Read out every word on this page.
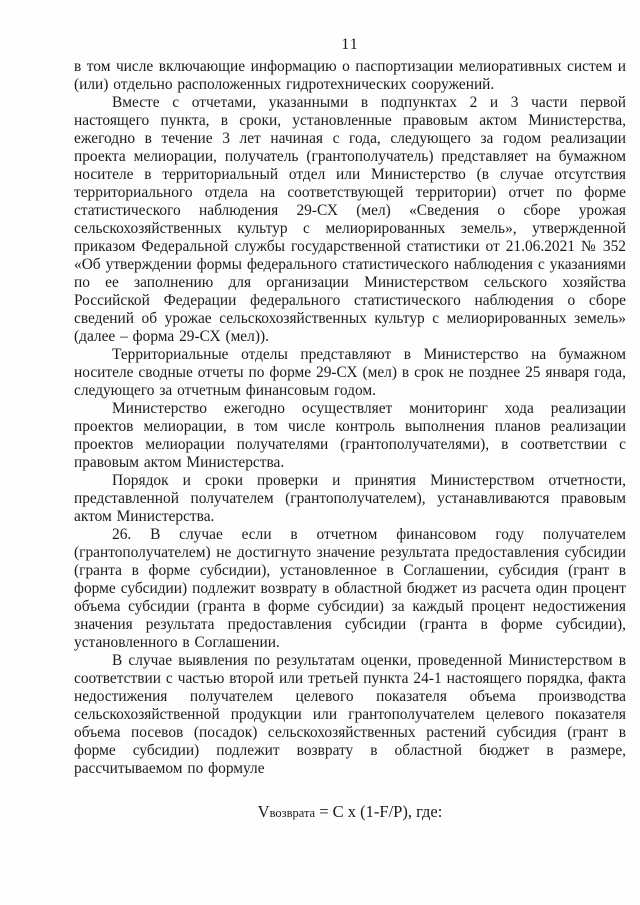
11

в том числе включающие информацию о паспортизации мелиоративных систем и (или) отдельно расположенных гидротехнических сооружений.

Вместе с отчетами, указанными в подпунктах 2 и 3 части первой настоящего пункта, в сроки, установленные правовым актом Министерства, ежегодно в течение 3 лет начиная с года, следующего за годом реализации проекта мелиорации, получатель (грантополучатель) представляет на бумажном носителе в территориальный отдел или Министерство (в случае отсутствия территориального отдела на соответствующей территории) отчет по форме статистического наблюдения 29-СХ (мел) «Сведения о сборе урожая сельскохозяйственных культур с мелиорированных земель», утвержденной приказом Федеральной службы государственной статистики от 21.06.2021 № 352 «Об утверждении формы федерального статистического наблюдения с указаниями по ее заполнению для организации Министерством сельского хозяйства Российской Федерации федерального статистического наблюдения о сборе сведений об урожае сельскохозяйственных культур с мелиорированных земель» (далее – форма 29-СХ (мел)).

Территориальные отделы представляют в Министерство на бумажном носителе сводные отчеты по форме 29-СХ (мел) в срок не позднее 25 января года, следующего за отчетным финансовым годом.

Министерство ежегодно осуществляет мониторинг хода реализации проектов мелиорации, в том числе контроль выполнения планов реализации проектов мелиорации получателями (грантополучателями), в соответствии с правовым актом Министерства.

Порядок и сроки проверки и принятия Министерством отчетности, представленной получателем (грантополучателем), устанавливаются правовым актом Министерства.

26. В случае если в отчетном финансовом году получателем (грантополучателем) не достигнуто значение результата предоставления субсидии (гранта в форме субсидии), установленное в Соглашении, субсидия (грант в форме субсидии) подлежит возврату в областной бюджет из расчета один процент объема субсидии (гранта в форме субсидии) за каждый процент недостижения значения результата предоставления субсидии (гранта в форме субсидии), установленного в Соглашении.

В случае выявления по результатам оценки, проведенной Министерством в соответствии с частью второй или третьей пункта 24-1 настоящего порядка, факта недостижения получателем целевого показателя объема производства сельскохозяйственной продукции или грантополучателем целевого показателя объема посевов (посадок) сельскохозяйственных растений субсидия (грант в форме субсидии) подлежит возврату в областной бюджет в размере, рассчитываемом по формуле

Vвозврата = C x (1-F/P), где:
